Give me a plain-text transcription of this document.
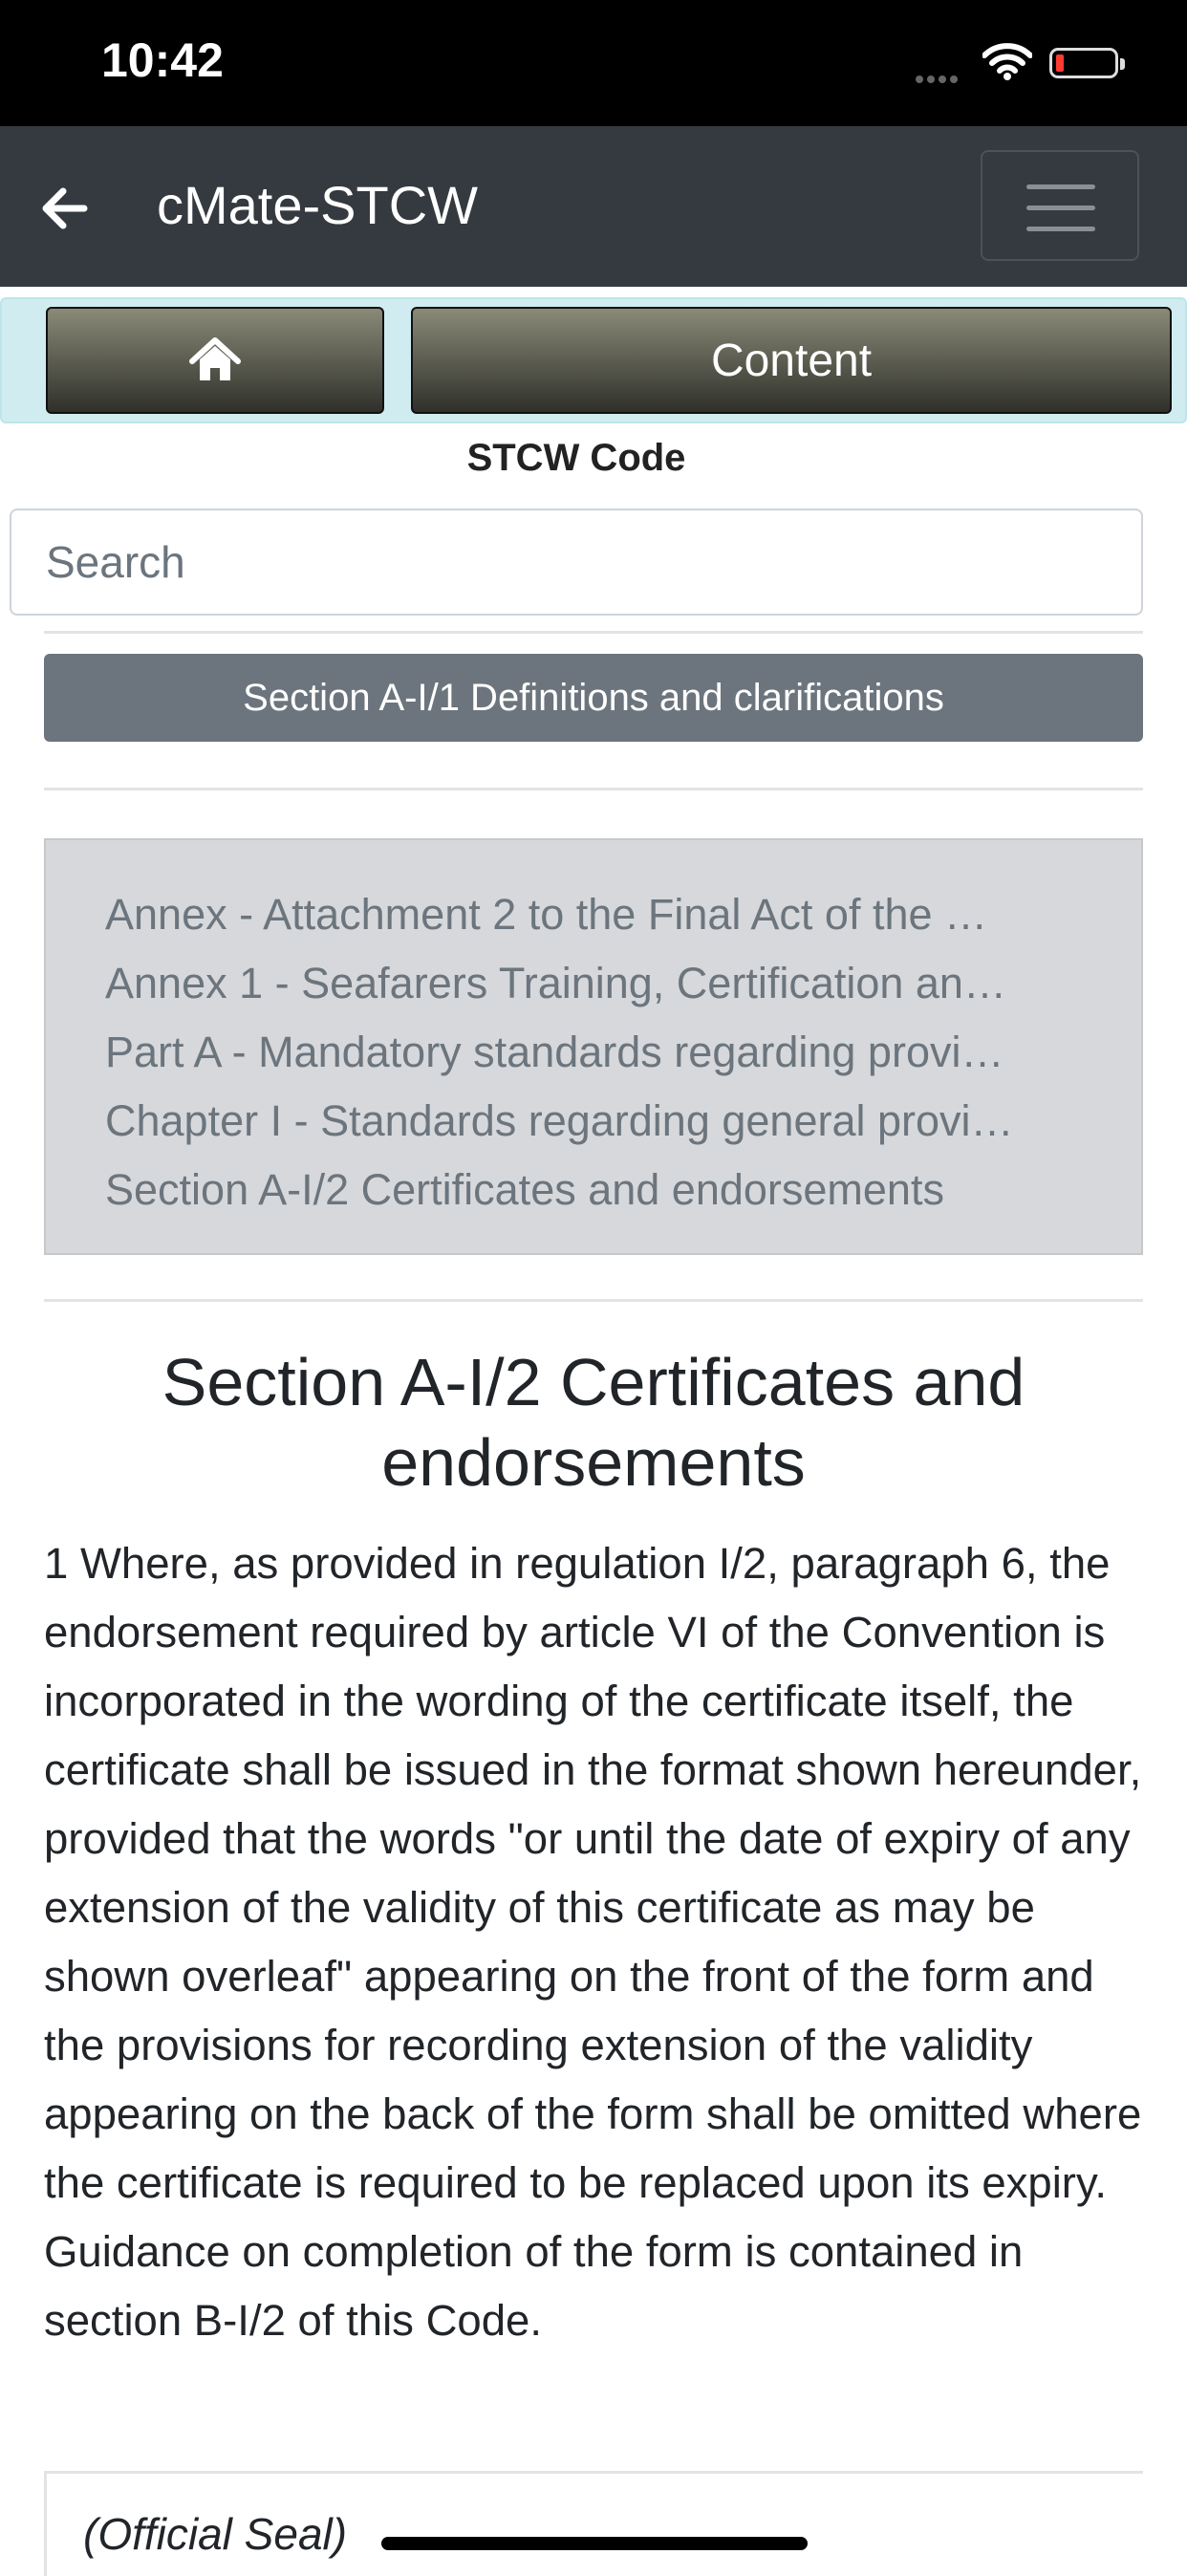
10:42
cMate-STCW
Content
STCW Code
Search
Section A-I/1 Definitions and clarifications
Annex - Attachment 2 to the Final Act of the …
Annex 1 - Seafarers Training, Certification an…
Part A - Mandatory standards regarding provi…
Chapter I - Standards regarding general provi…
Section A-I/2 Certificates and endorsements
Section A-I/2 Certificates and endorsements
1 Where, as provided in regulation I/2, paragraph 6, the endorsement required by article VI of the Convention is incorporated in the wording of the certificate itself, the certificate shall be issued in the format shown hereunder, provided that the words "or until the date of expiry of any extension of the validity of this certificate as may be shown overleaf" appearing on the front of the form and the provisions for recording extension of the validity appearing on the back of the form shall be omitted where the certificate is required to be replaced upon its expiry. Guidance on completion of the form is contained in section B-I/2 of this Code.
(Official Seal)
